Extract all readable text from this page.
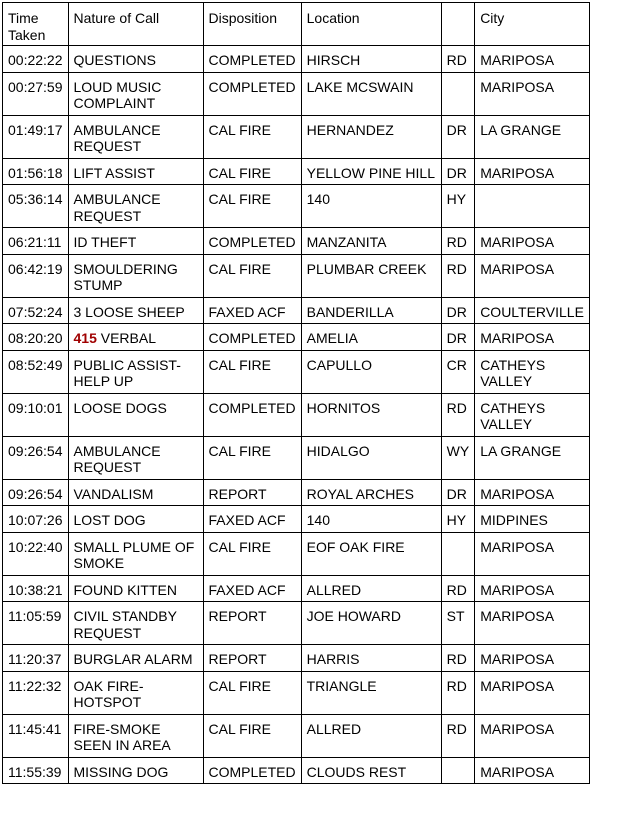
Time Taken	Nature of Call	Disposition	Location		City
00:22:22	QUESTIONS	COMPLETED	HIRSCH	RD	MARIPOSA
00:27:59	LOUD MUSIC COMPLAINT	COMPLETED	LAKE MCSWAIN		MARIPOSA
01:49:17	AMBULANCE REQUEST	CAL FIRE	HERNANDEZ	DR	LA GRANGE
01:56:18	LIFT ASSIST	CAL FIRE	YELLOW PINE HILL	DR	MARIPOSA
05:36:14	AMBULANCE REQUEST	CAL FIRE	140	HY	
06:21:11	ID THEFT	COMPLETED	MANZANITA	RD	MARIPOSA
06:42:19	SMOULDERING STUMP	CAL FIRE	PLUMBAR CREEK	RD	MARIPOSA
07:52:24	3 LOOSE SHEEP	FAXED ACF	BANDERILLA	DR	COULTERVILLE
08:20:20	415 VERBAL	COMPLETED	AMELIA	DR	MARIPOSA
08:52:49	PUBLIC ASSIST-HELP UP	CAL FIRE	CAPULLO	CR	CATHEYS VALLEY
09:10:01	LOOSE DOGS	COMPLETED	HORNITOS	RD	CATHEYS VALLEY
09:26:54	AMBULANCE REQUEST	CAL FIRE	HIDALGO	WY	LA GRANGE
09:26:54	VANDALISM	REPORT	ROYAL ARCHES	DR	MARIPOSA
10:07:26	LOST DOG	FAXED ACF	140	HY	MIDPINES
10:22:40	SMALL PLUME OF SMOKE	CAL FIRE	EOF OAK FIRE		MARIPOSA
10:38:21	FOUND KITTEN	FAXED ACF	ALLRED	RD	MARIPOSA
11:05:59	CIVIL STANDBY REQUEST	REPORT	JOE HOWARD	ST	MARIPOSA
11:20:37	BURGLAR ALARM	REPORT	HARRIS	RD	MARIPOSA
11:22:32	OAK FIRE-HOTSPOT	CAL FIRE	TRIANGLE	RD	MARIPOSA
11:45:41	FIRE-SMOKE SEEN IN AREA	CAL FIRE	ALLRED	RD	MARIPOSA
11:55:39	MISSING DOG	COMPLETED	CLOUDS REST		MARIPOSA
